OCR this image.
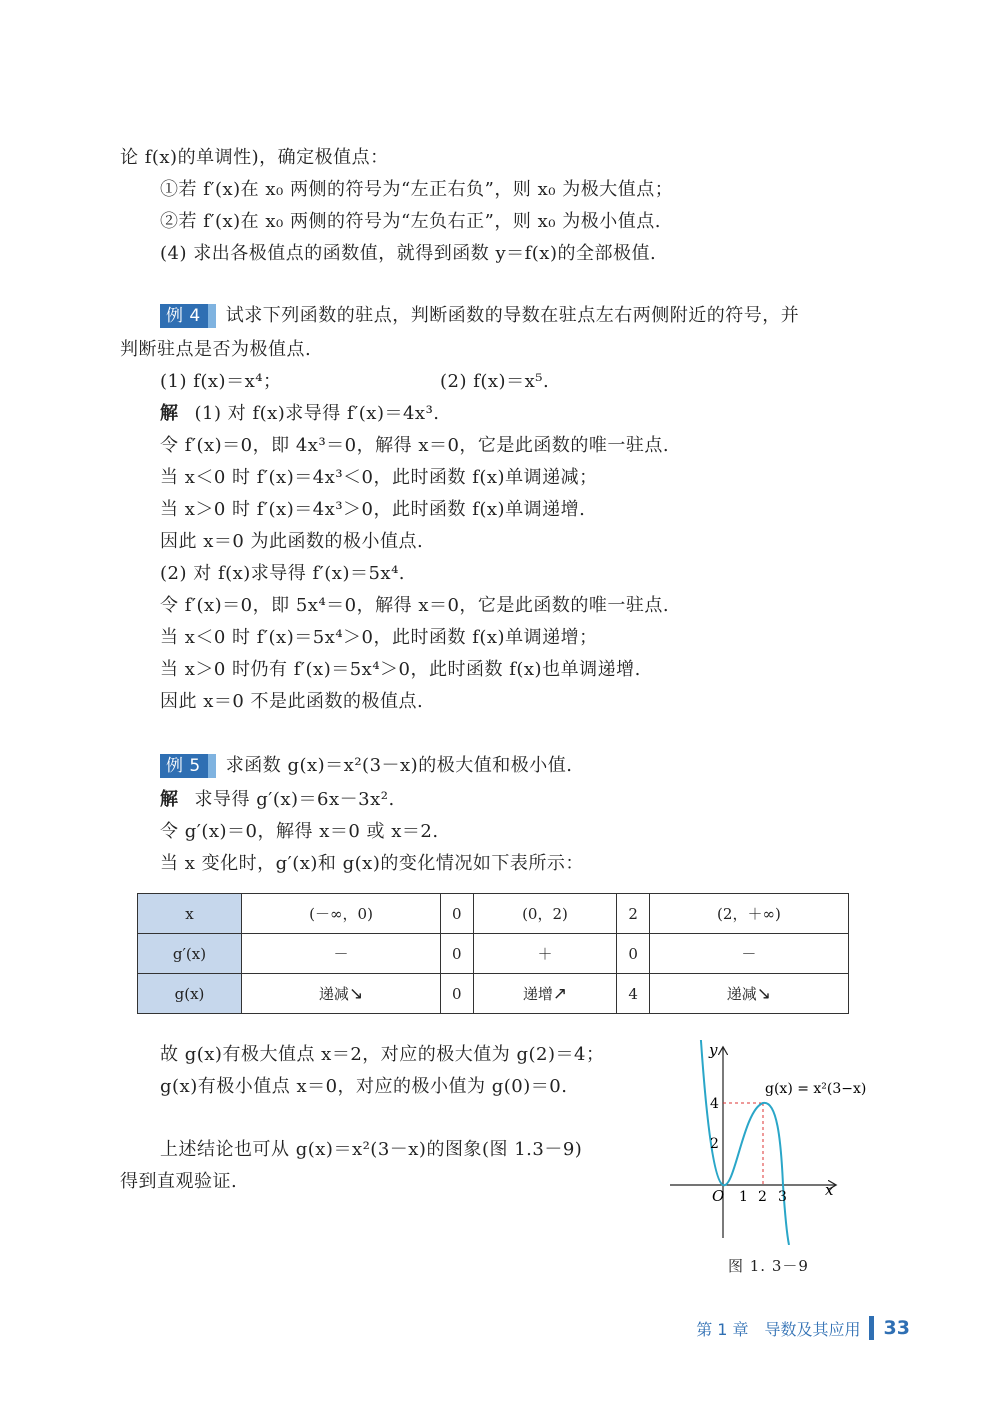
论 f(x)的单调性)，确定极值点：
①若 f′(x)在 x₀ 两侧的符号为“左正右负”，则 x₀ 为极大值点；
②若 f′(x)在 x₀ 两侧的符号为“左负右正”，则 x₀ 为极小值点.
(4) 求出各极值点的函数值，就得到函数 y＝f(x)的全部极值.
例 4 试求下列函数的驻点，判断函数的导数在驻点左右两侧附近的符号，并
判断驻点是否为极值点.
(1) f(x)＝x⁴；	(2) f(x)＝x⁵.
解 (1) 对 f(x)求导得 f′(x)＝4x³.
令 f′(x)＝0，即 4x³＝0，解得 x＝0，它是此函数的唯一驻点.
当 x＜0 时 f′(x)＝4x³＜0，此时函数 f(x)单调递减；
当 x＞0 时 f′(x)＝4x³＞0，此时函数 f(x)单调递增.
因此 x＝0 为此函数的极小值点.
(2) 对 f(x)求导得 f′(x)＝5x⁴.
令 f′(x)＝0，即 5x⁴＝0，解得 x＝0，它是此函数的唯一驻点.
当 x＜0 时 f′(x)＝5x⁴＞0，此时函数 f(x)单调递增；
当 x＞0 时仍有 f′(x)＝5x⁴＞0，此时函数 f(x)也单调递增.
因此 x＝0 不是此函数的极值点.
例 5 求函数 g(x)＝x²(3－x)的极大值和极小值.
解 求导得 g′(x)＝6x－3x².
令 g′(x)＝0，解得 x＝0 或 x＝2.
当 x 变化时，g′(x)和 g(x)的变化情况如下表所示：
x	(－∞，0)	0	(0，2)	2	(2，＋∞)
g′(x)	－	0	＋	0	－
g(x)	递减↘	0	递增↗	4	递减↘
故 g(x)有极大值点 x＝2，对应的极大值为 g(2)＝4；
g(x)有极小值点 x＝0，对应的极小值为 g(0)＝0.
上述结论也可从 g(x)＝x²(3－x)的图象(图 1.3－9)
得到直观验证.
O 1 2 3
2
4
x
y
g(x) = x²(3−x)
图 1. 3－9
第 1 章　导数及其应用 33
